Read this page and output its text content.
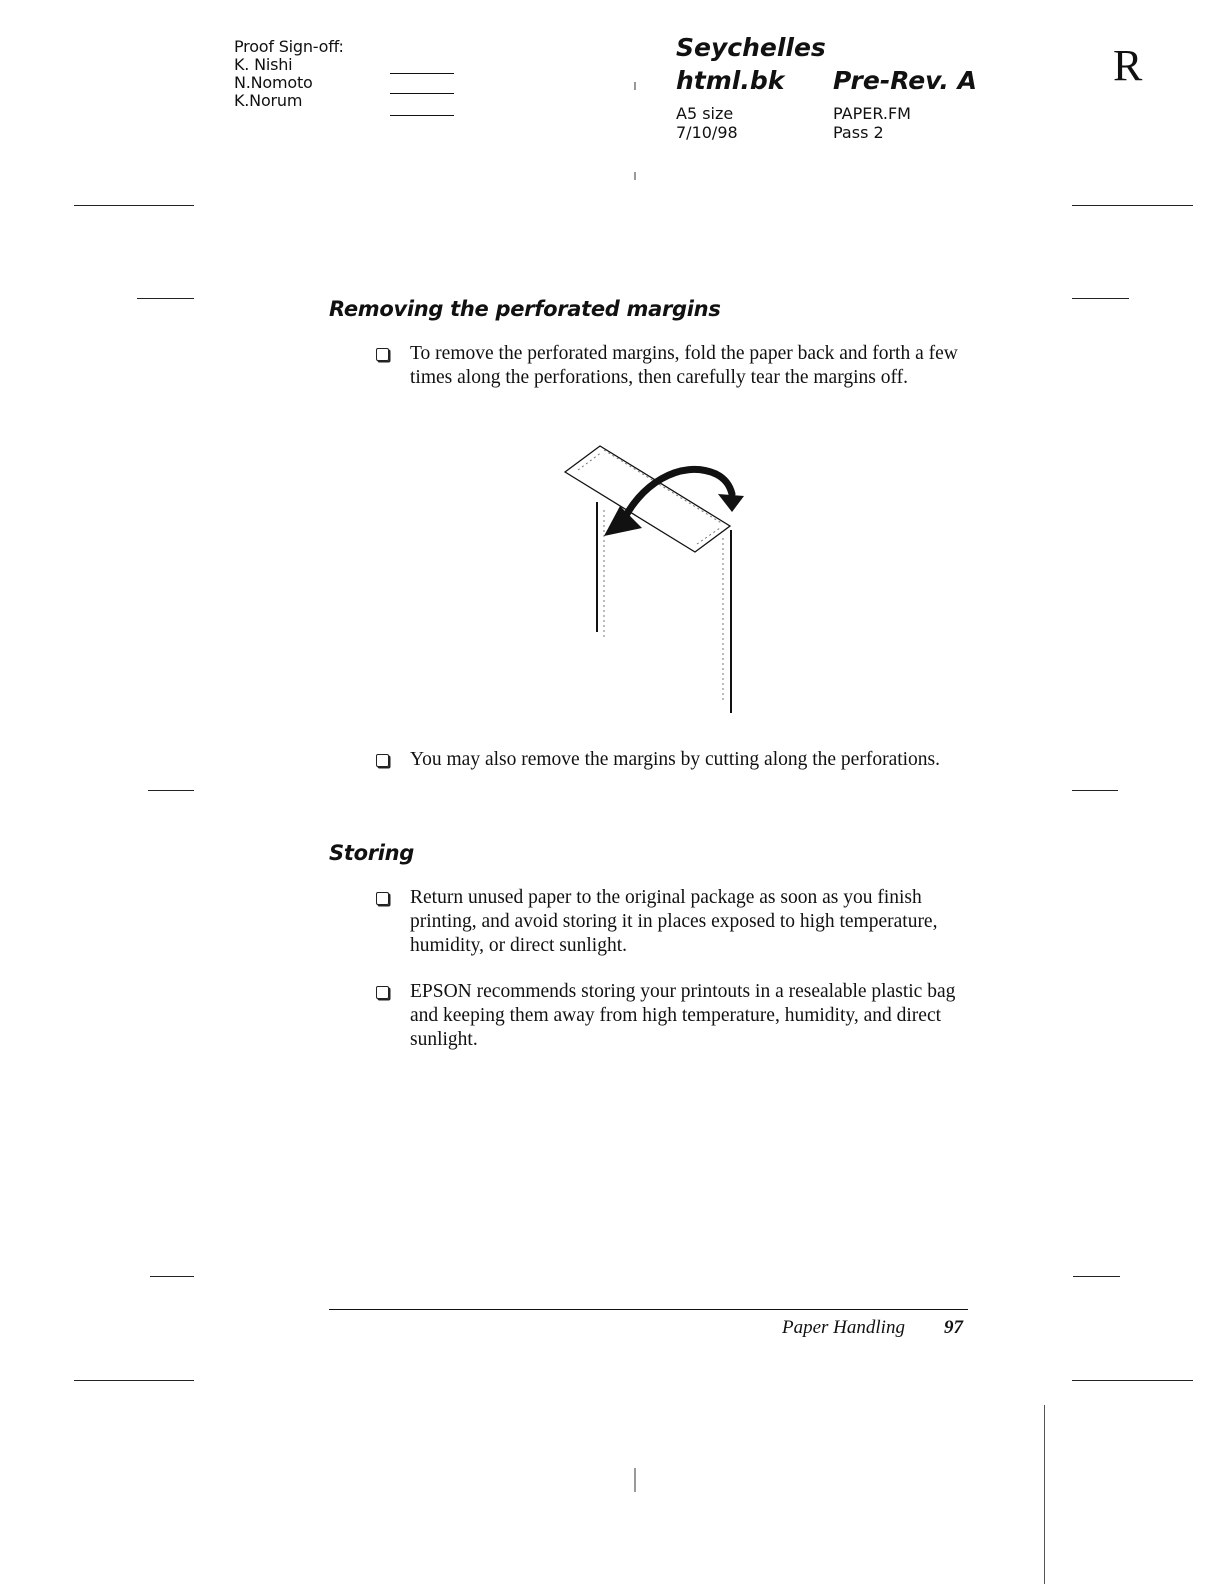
Proof Sign-off:
K. Nishi
N.Nomoto
K.Norum
Seychelles
html.bk Pre-Rev. A
A5 size
7/10/98
PAPER.FM
Pass 2
R
Removing the perforated margins
To remove the perforated margins, fold the paper back and forth a few times along the perforations, then carefully tear the margins off.
You may also remove the margins by cutting along the perforations.
Storing
Return unused paper to the original package as soon as you finish printing, and avoid storing it in places exposed to high temperature, humidity, or direct sunlight.
EPSON recommends storing your printouts in a resealable plastic bag and keeping them away from high temperature, humidity, and direct sunlight.
Paper Handling 97
